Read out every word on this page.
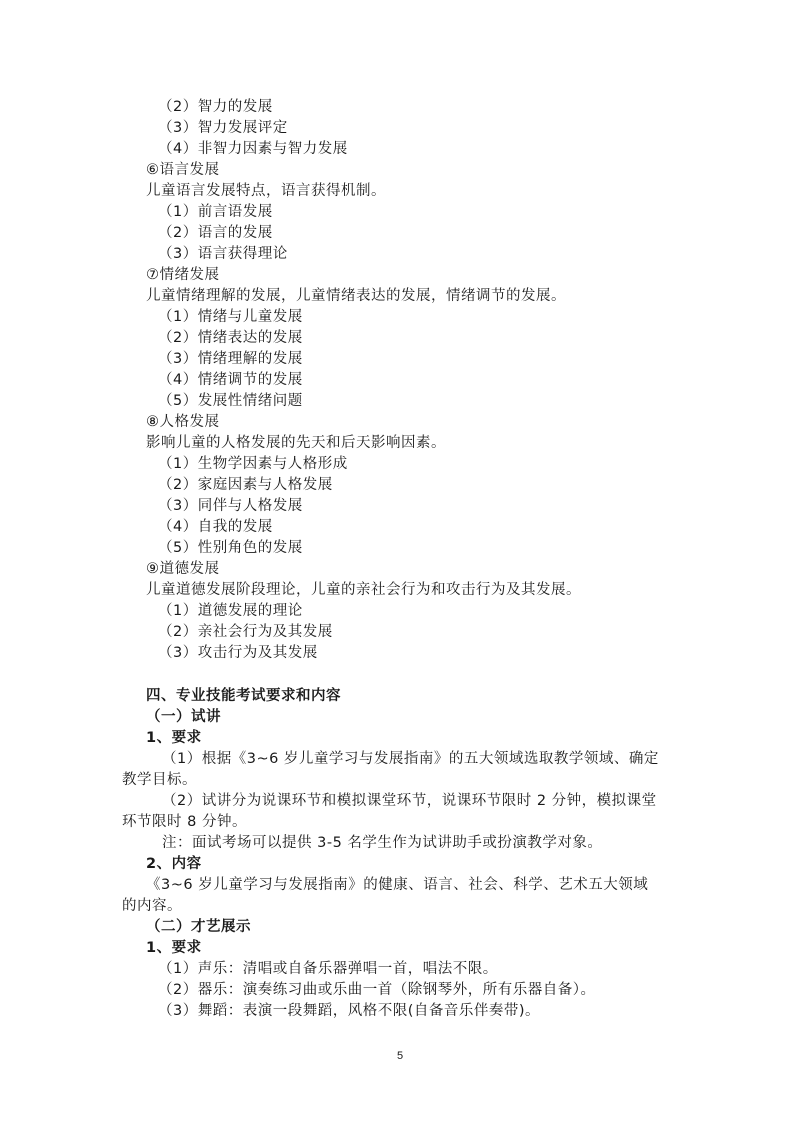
（2）智力的发展
（3）智力发展评定
（4）非智力因素与智力发展
⑥语言发展
儿童语言发展特点，语言获得机制。
（1）前言语发展
（2）语言的发展
（3）语言获得理论
⑦情绪发展
儿童情绪理解的发展，儿童情绪表达的发展，情绪调节的发展。
（1）情绪与儿童发展
（2）情绪表达的发展
（3）情绪理解的发展
（4）情绪调节的发展
（5）发展性情绪问题
⑧人格发展
影响儿童的人格发展的先天和后天影响因素。
（1）生物学因素与人格形成
（2）家庭因素与人格发展
（3）同伴与人格发展
（4）自我的发展
（5）性别角色的发展
⑨道德发展
儿童道德发展阶段理论，儿童的亲社会行为和攻击行为及其发展。
（1）道德发展的理论
（2）亲社会行为及其发展
（3）攻击行为及其发展
四、专业技能考试要求和内容
（一）试讲
1、要求
（1）根据《3~6 岁儿童学习与发展指南》的五大领域选取教学领域、确定
教学目标。
（2）试讲分为说课环节和模拟课堂环节，说课环节限时 2 分钟，模拟课堂
环节限时 8 分钟。
注：面试考场可以提供 3-5 名学生作为试讲助手或扮演教学对象。
2、内容
《3~6 岁儿童学习与发展指南》的健康、语言、社会、科学、艺术五大领域
的内容。
（二）才艺展示
1、要求
（1）声乐：清唱或自备乐器弹唱一首，唱法不限。
（2）器乐：演奏练习曲或乐曲一首（除钢琴外，所有乐器自备）。
（3）舞蹈：表演一段舞蹈，风格不限(自备音乐伴奏带)。
5
